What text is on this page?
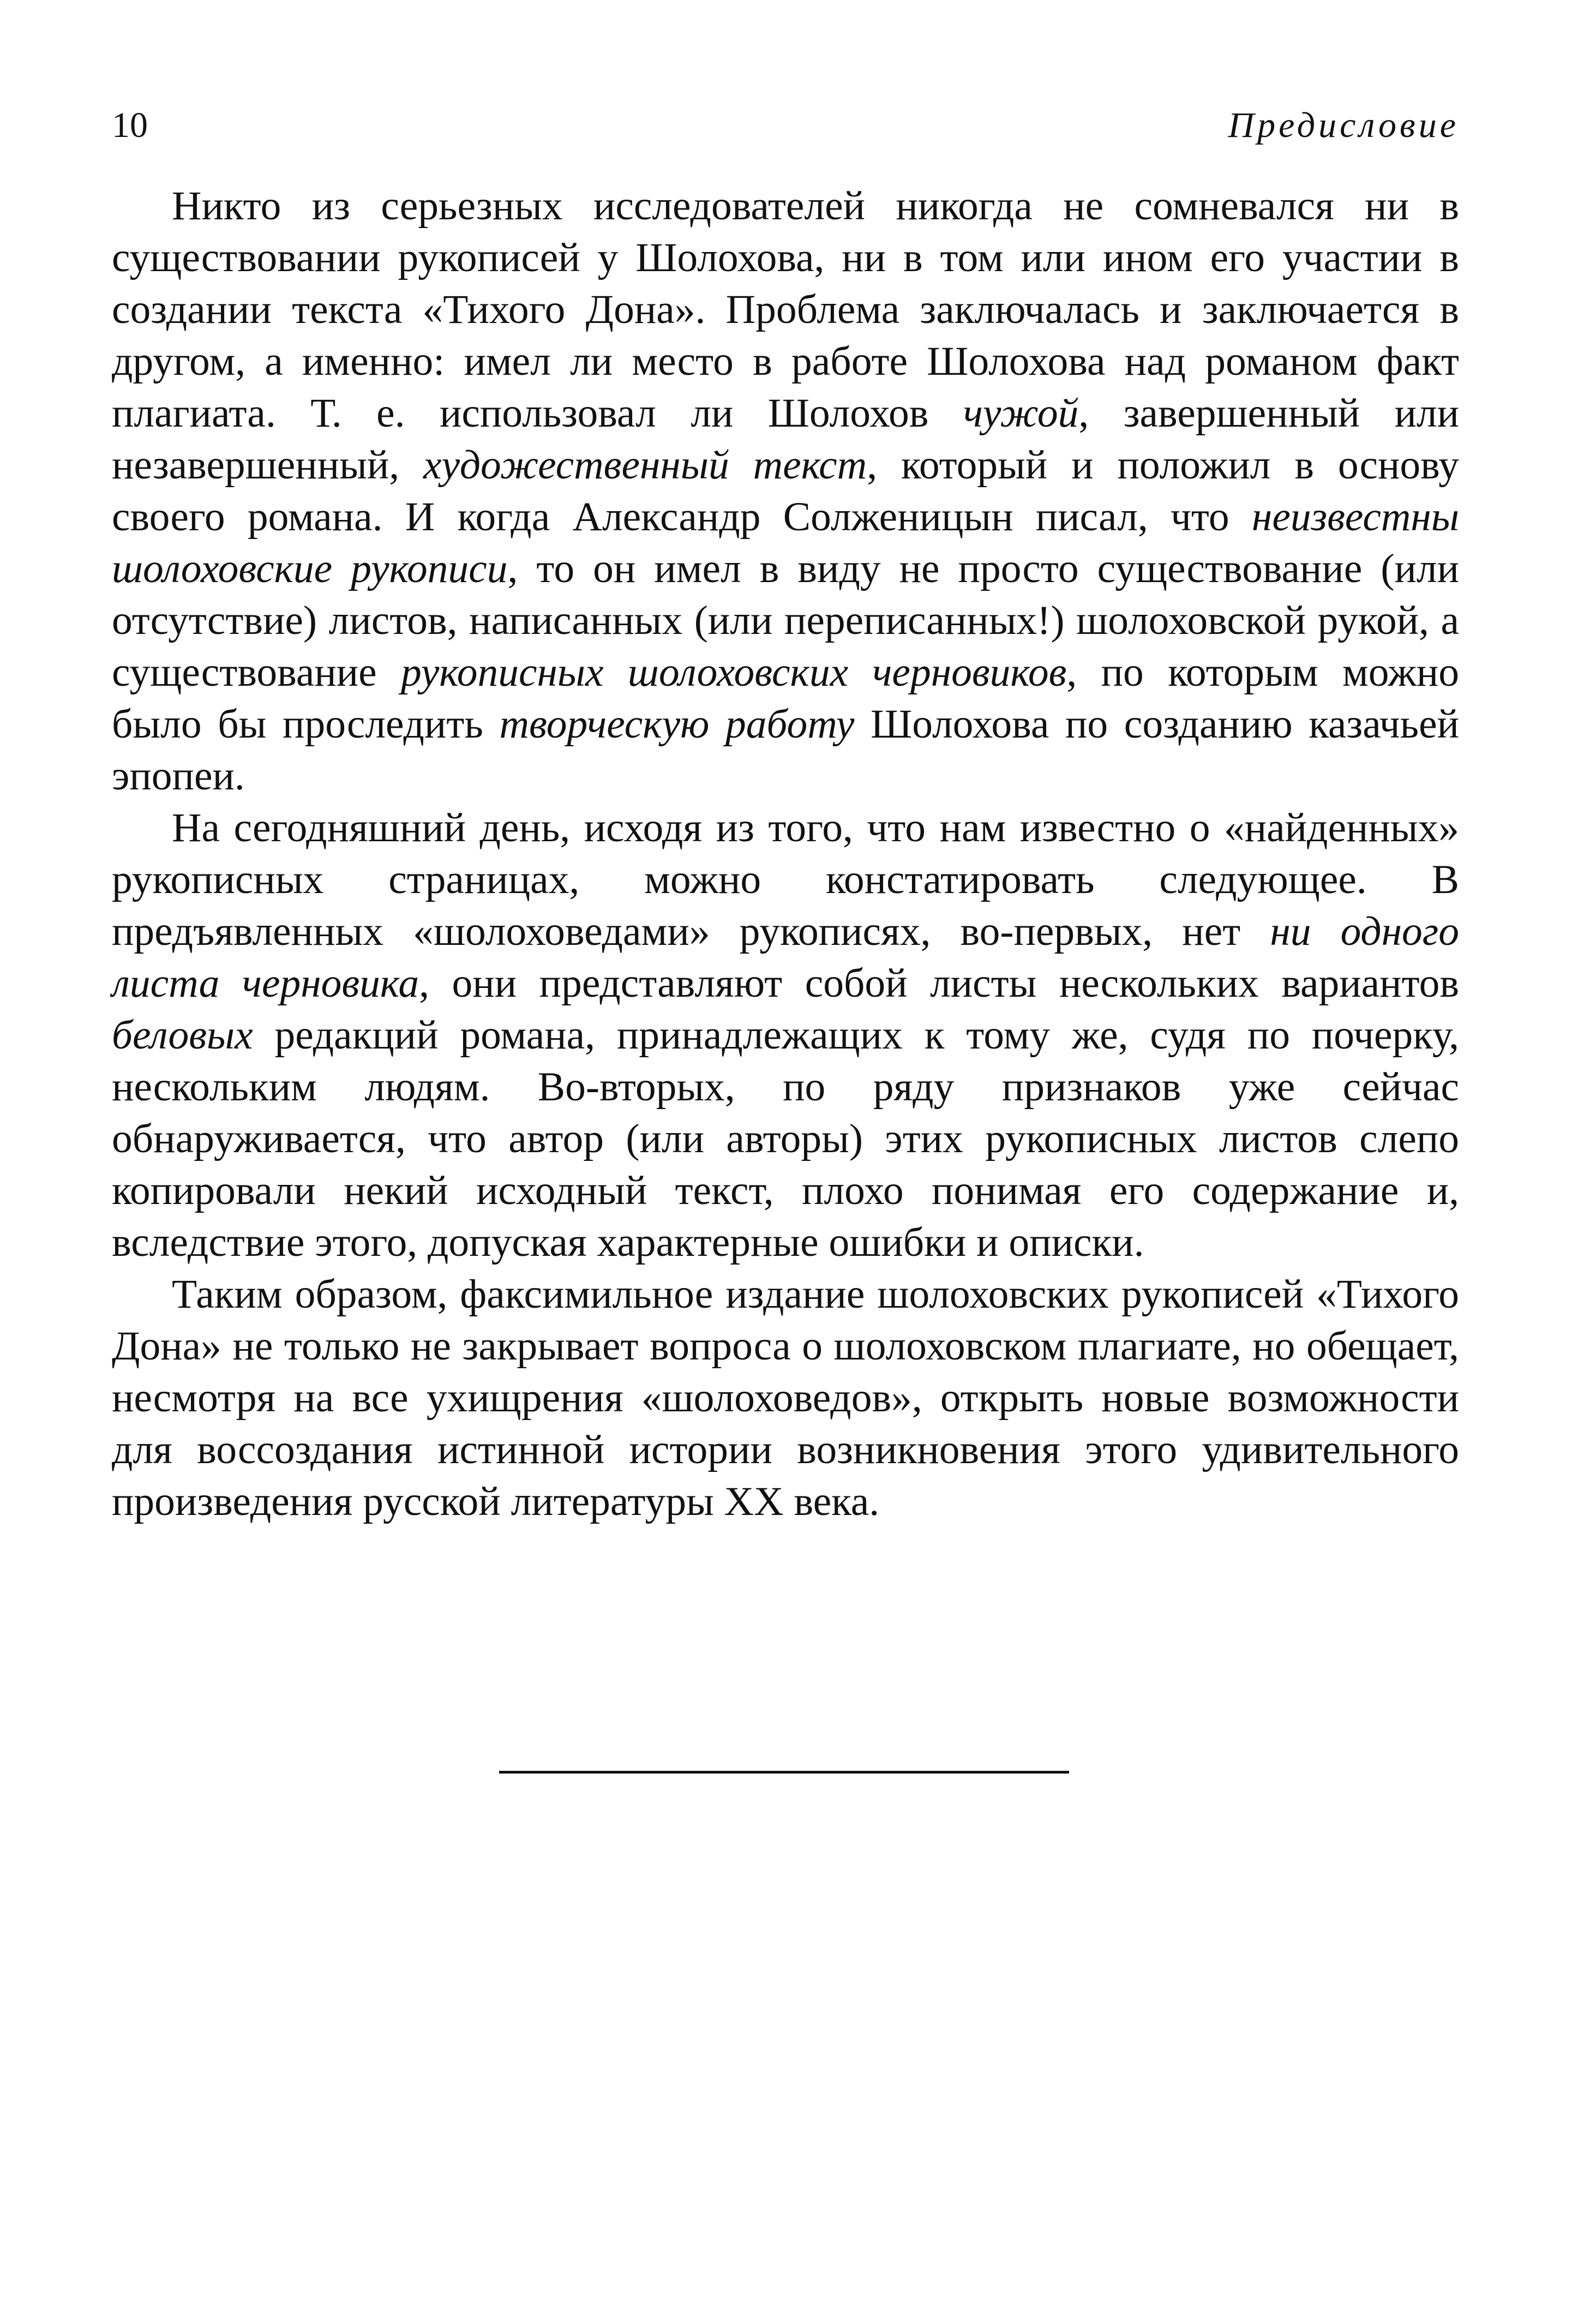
10	Предисловие

Никто из серьезных исследователей никогда не сомневался ни в существовании рукописей у Шолохова, ни в том или ином его участии в создании текста «Тихого Дона». Проблема заключалась и заключается в другом, а именно: имел ли место в работе Шолохова над романом факт плагиата. Т. е. использовал ли Шолохов чужой, завершенный или незавершенный, художественный текст, который и положил в основу своего романа. И когда Александр Солженицын писал, что неизвестны шолоховские рукописи, то он имел в виду не просто существование (или отсутствие) листов, написанных (или переписанных!) шолоховской рукой, а существование рукописных шолоховских черновиков, по которым можно было бы проследить творческую работу Шолохова по созданию казачьей эпопеи.

На сегодняшний день, исходя из того, что нам известно о «найденных» рукописных страницах, можно констатировать следующее. В предъявленных «шолоховедами» рукописях, во-первых, нет ни одного листа черновика, они представляют собой листы нескольких вариантов беловых редакций романа, принадлежащих к тому же, судя по почерку, нескольким людям. Во-вторых, по ряду признаков уже сейчас обнаруживается, что автор (или авторы) этих рукописных листов слепо копировали некий исходный текст, плохо понимая его содержание и, вследствие этого, допуская характерные ошибки и описки.

Таким образом, факсимильное издание шолоховских рукописей «Тихого Дона» не только не закрывает вопроса о шолоховском плагиате, но обещает, несмотря на все ухищрения «шолоховедов», открыть новые возможности для воссоздания истинной истории возникновения этого удивительного произведения русской литературы XX века.
